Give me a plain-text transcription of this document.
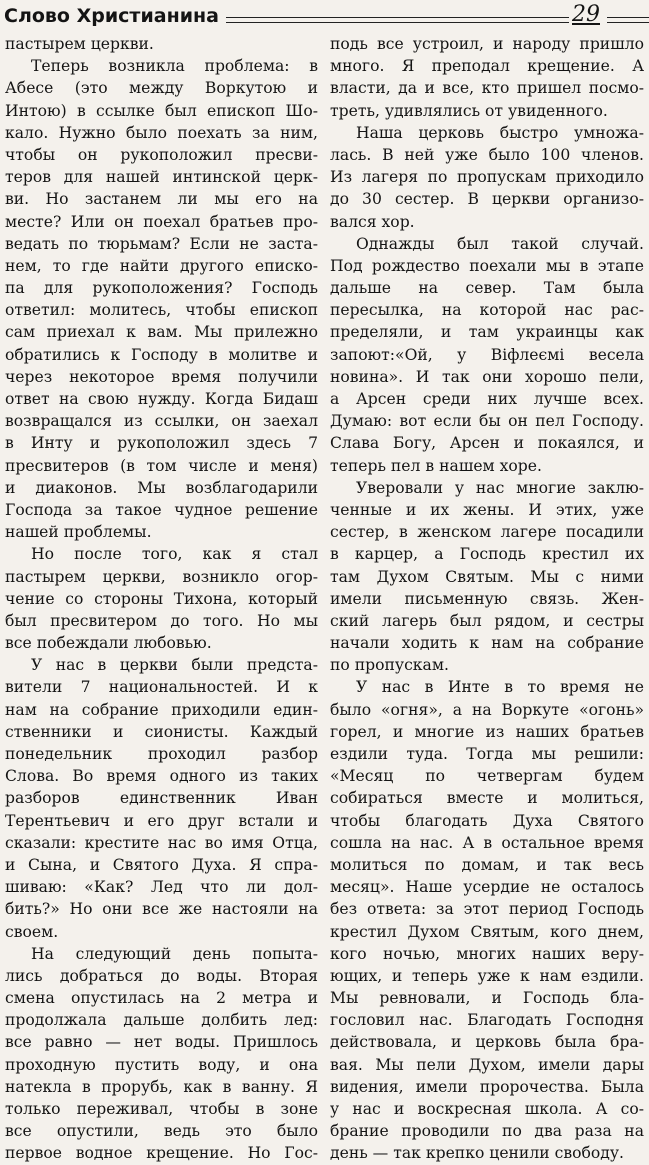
Слово Христианина	29
пастырем церкви.
Теперь возникла проблема: в
Абесе (это между Воркутою и
Интою) в ссылке был епископ Шо-
кало. Нужно было поехать за ним,
чтобы он рукоположил пресви-
теров для нашей интинской церк-
ви. Но застанем ли мы его на
месте? Или он поехал братьев про-
ведать по тюрьмам? Если не заста-
нем, то где найти другого еписко-
па для рукоположения? Господь
ответил: молитесь, чтобы епископ
сам приехал к вам. Мы прилежно
обратились к Господу в молитве и
через некоторое время получили
ответ на свою нужду. Когда Бидаш
возвращался из ссылки, он заехал
в Инту и рукоположил здесь 7
пресвитеров (в том числе и меня)
и диаконов. Мы возблагодарили
Господа за такое чудное решение
нашей проблемы.
Но после того, как я стал
пастырем церкви, возникло огор-
чение со стороны Тихона, который
был пресвитером до того. Но мы
все побеждали любовью.
У нас в церкви были предста-
вители 7 национальностей. И к
нам на собрание приходили един-
ственники и сионисты. Каждый
понедельник проходил разбор
Слова. Во время одного из таких
разборов единственник Иван
Терентьевич и его друг встали и
сказали: крестите нас во имя Отца,
и Сына, и Святого Духа. Я спра-
шиваю: «Как? Лед что ли дол-
бить?» Но они все же настояли на
своем.
На следующий день попыта-
лись добраться до воды. Вторая
смена опустилась на 2 метра и
продолжала дальше долбить лед:
все равно — нет воды. Пришлось
проходную пустить воду, и она
натекла в прорубь, как в ванну. Я
только переживал, чтобы в зоне
все опустили, ведь это было
первое водное крещение. Но Гос-
подь все устроил, и народу пришло
много. Я преподал крещение. А
власти, да и все, кто пришел посмо-
треть, удивлялись от увиденного.
Наша церковь быстро умножа-
лась. В ней уже было 100 членов.
Из лагеря по пропускам приходило
до 30 сестер. В церкви организо-
вался хор.
Однажды был такой случай.
Под рождество поехали мы в этапе
дальше на север. Там была
пересылка, на которой нас рас-
пределяли, и там украинцы как
запоют:«Ой, у Віфлеємі весела
новина». И так они хорошо пели,
а Арсен среди них лучше всех.
Думаю: вот если бы он пел Господу.
Слава Богу, Арсен и покаялся, и
теперь пел в нашем хоре.
Уверовали у нас многие заклю-
ченные и их жены. И этих, уже
сестер, в женском лагере посадили
в карцер, а Господь крестил их
там Духом Святым. Мы с ними
имели письменную связь. Жен-
ский лагерь был рядом, и сестры
начали ходить к нам на собрание
по пропускам.
У нас в Инте в то время не
было «огня», а на Воркуте «огонь»
горел, и многие из наших братьев
ездили туда. Тогда мы решили:
«Месяц по четвергам будем
собираться вместе и молиться,
чтобы благодать Духа Святого
сошла на нас. А в остальное время
молиться по домам, и так весь
месяц». Наше усердие не осталось
без ответа: за этот период Господь
крестил Духом Святым, кого днем,
кого ночью, многих наших веру-
ющих, и теперь уже к нам ездили.
Мы ревновали, и Господь бла-
гословил нас. Благодать Господня
действовала, и церковь была бра-
вая. Мы пели Духом, имели дары
видения, имели пророчества. Была
у нас и воскресная школа. А со-
брание проводили по два раза на
день — так крепко ценили свободу.
